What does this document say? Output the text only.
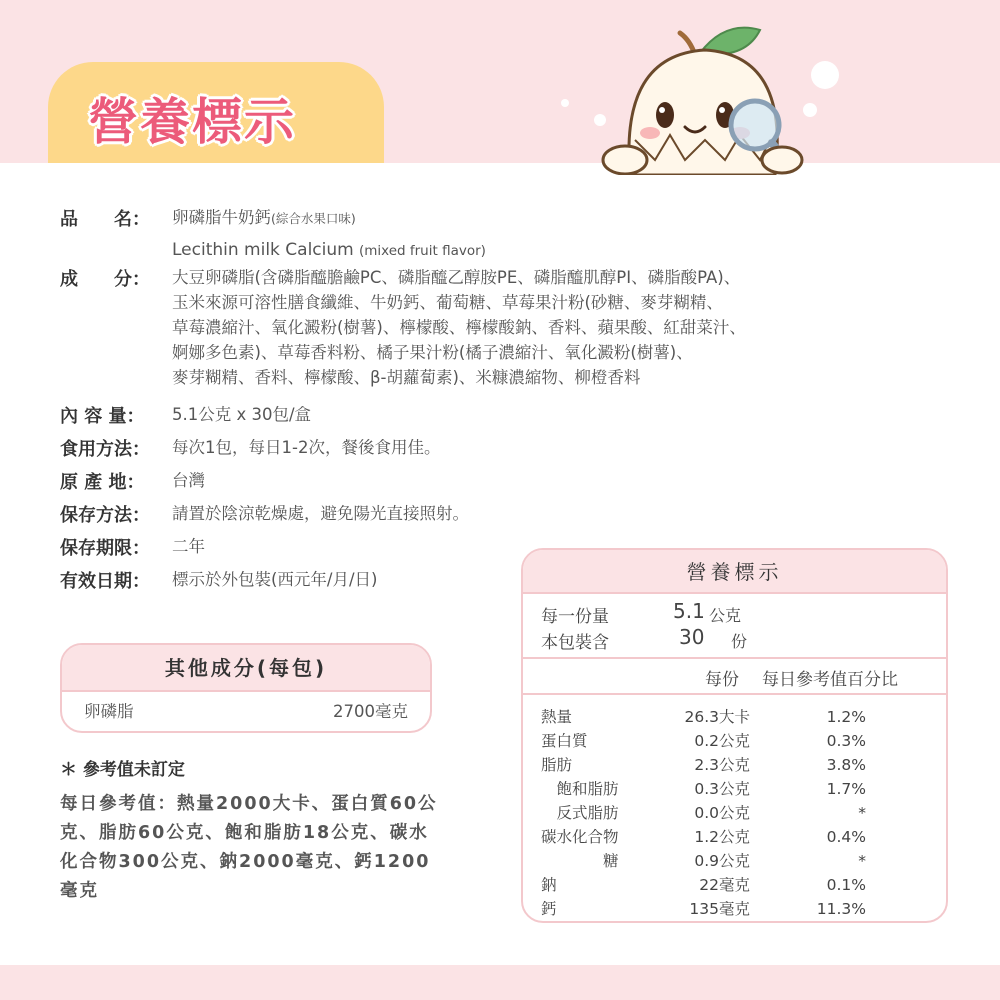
營養標示
品　　名：	卵磷脂牛奶鈣(綜合水果口味)
Lecithin milk Calcium (mixed fruit flavor)
成　　分：	大豆卵磷脂(含磷脂醯膽鹼PC、磷脂醯乙醇胺PE、磷脂醯肌醇PI、磷脂酸PA)、
玉米來源可溶性膳食纖維、牛奶鈣、葡萄糖、草莓果汁粉(砂糖、麥芽糊精、
草莓濃縮汁、氧化澱粉(樹薯)、檸檬酸、檸檬酸鈉、香料、蘋果酸、紅甜菜汁、
婀娜多色素)、草莓香料粉、橘子果汁粉(橘子濃縮汁、氧化澱粉(樹薯)、
麥芽糊精、香料、檸檬酸、β-胡蘿蔔素)、米糠濃縮物、柳橙香料
內 容 量：	5.1公克 x 30包/盒
食用方法：	每次1包，每日1-2次，餐後食用佳。
原 產 地：	台灣
保存方法：	請置於陰涼乾燥處，避免陽光直接照射。
保存期限：	二年
有效日期：	標示於外包裝(西元年/月/日)
其他成分(每包)
卵磷脂	2700毫克
＊ 參考值未訂定
每日參考值：熱量2000大卡、蛋白質60公克、脂肪60公克、飽和脂肪18公克、碳水化合物300公克、鈉2000毫克、鈣1200毫克
營養標示
每一份量	5.1 公克
本包裝含	30 份
每份 每日參考值百分比
熱量	26.3大卡	1.2%
蛋白質	0.2公克	0.3%
脂肪	2.3公克	3.8%
　飽和脂肪	0.3公克	1.7%
　反式脂肪	0.0公克	*
碳水化合物	1.2公克	0.4%
　　　　糖	0.9公克	*
鈉	22毫克	0.1%
鈣	135毫克	11.3%
